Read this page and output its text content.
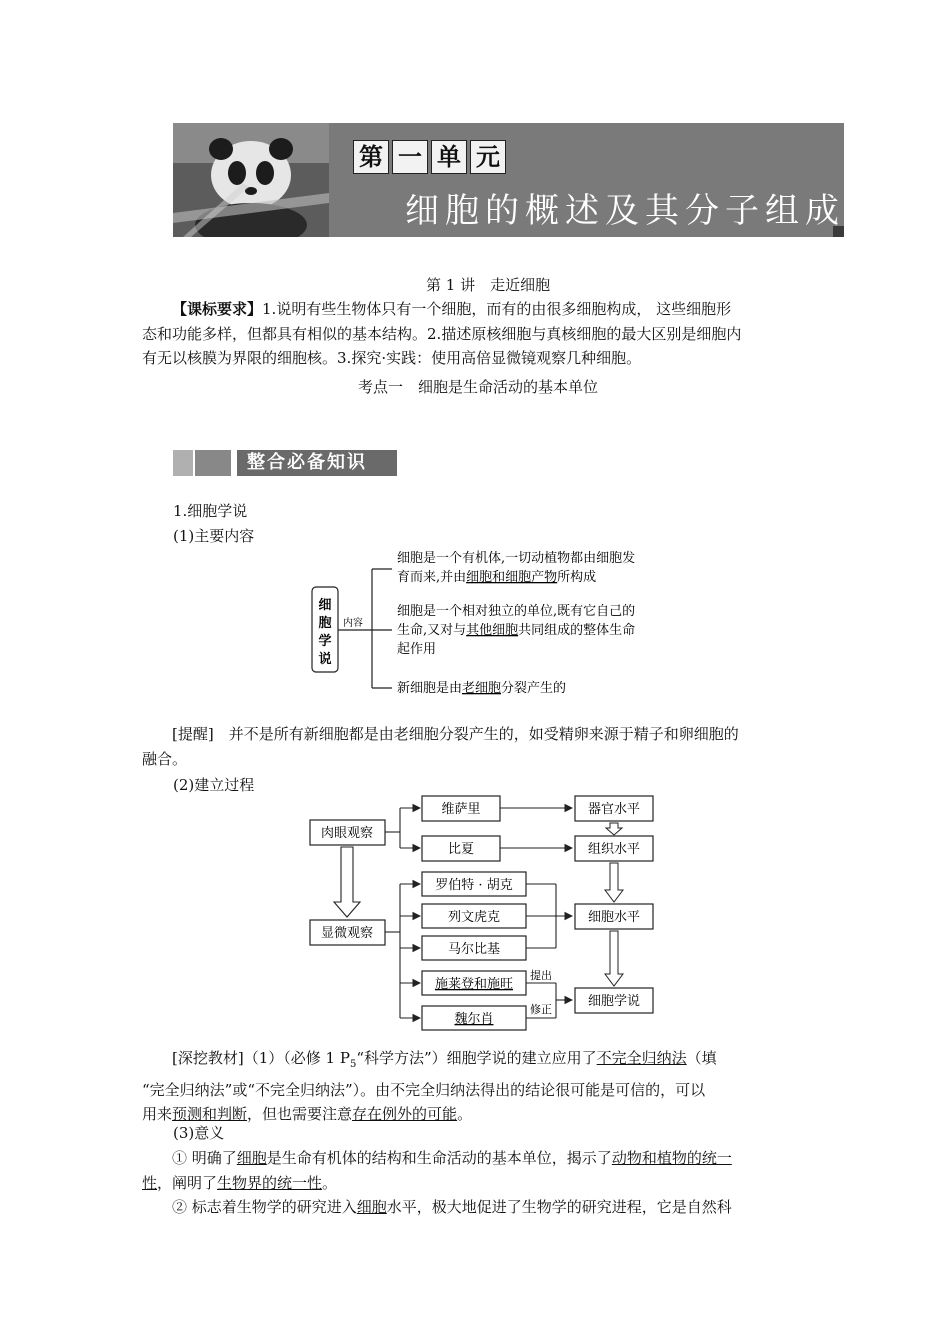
第 一 单 元
细胞的概述及其分子组成
第 1 讲　走近细胞
【课标要求】1.说明有些生物体只有一个细胞，而有的由很多细胞构成， 这些细胞形
态和功能多样，但都具有相似的基本结构。2.描述原核细胞与真核细胞的最大区别是细胞内
有无以核膜为界限的细胞核。3.探究·实践：使用高倍显微镜观察几种细胞。
考点一　细胞是生命活动的基本单位
整合必备知识
1.细胞学说
(1)主要内容
细
胞
学
说
内容
细胞是一个有机体,一切动植物都由细胞发
育而来,并由细胞和细胞产物所构成
细胞是一个相对独立的单位,既有它自己的
生命,又对与其他细胞共同组成的整体生命
起作用
新细胞是由老细胞分裂产生的
[提醒]　并不是所有新细胞都是由老细胞分裂产生的，如受精卵来源于精子和卵细胞的
融合。
(2)建立过程
肉眼观察
显微观察
维萨里
比夏
器官水平
组织水平
罗伯特 · 胡克
列文虎克
马尔比基
施莱登和施旺
魏尔肖
细胞水平
细胞学说
提出
修正
[深挖教材]（1）（必修 1 $P_5“$科学方法”）细胞学说的建立应用了不完全归纳法（填
“完全归纳法”或“不完全归纳法”）。由不完全归纳法得出的结论很可能是可信的，可以
用来预测和判断，但也需要注意存在例外的可能。
(3)意义
① 明确了细胞是生命有机体的结构和生命活动的基本单位，揭示了动物和植物的统一
性，阐明了生物界的统一性。
② 标志着生物学的研究进入细胞水平，极大地促进了生物学的研究进程，它是自然科
